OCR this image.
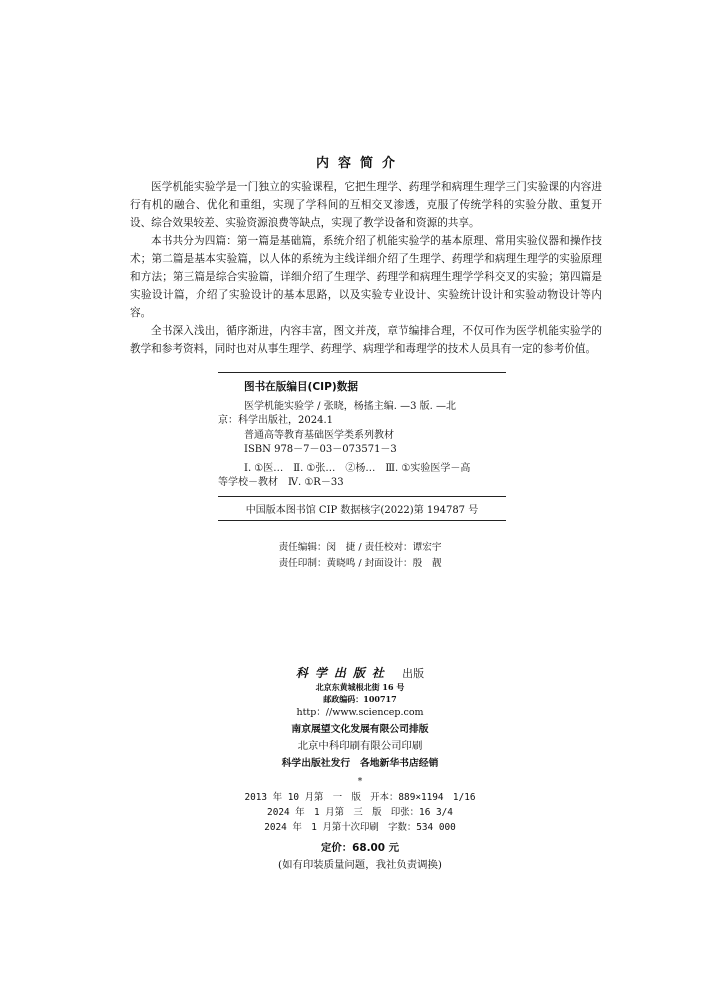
内容简介

医学机能实验学是一门独立的实验课程，它把生理学、药理学和病理生理学三门实验课的内容进行有机的融合、优化和重组，实现了学科间的互相交叉渗透，克服了传统学科的实验分散、重复开设、综合效果较差、实验资源浪费等缺点，实现了教学设备和资源的共享。

本书共分为四篇：第一篇是基础篇，系统介绍了机能实验学的基本原理、常用实验仪器和操作技术；第二篇是基本实验篇，以人体的系统为主线详细介绍了生理学、药理学和病理生理学的实验原理和方法；第三篇是综合实验篇，详细介绍了生理学、药理学和病理生理学学科交叉的实验；第四篇是实验设计篇，介绍了实验设计的基本思路，以及实验专业设计、实验统计设计和实验动物设计等内容。

全书深入浅出，循序渐进，内容丰富，图文并茂，章节编排合理，不仅可作为医学机能实验学的教学和参考资料，同时也对从事生理学、药理学、病理学和毒理学的技术人员具有一定的参考价值。

图书在版编目(CIP)数据
医学机能实验学 / 张晓，杨搖主编. —3 版. —北
京：科学出版社，2024.1
普通高等教育基础医学类系列教材
ISBN 978－7－03－073571－3
Ⅰ. ①医…　Ⅱ. ①张…　②杨…　Ⅲ. ①实验医学－高
等学校－教材　Ⅳ. ①R－33
中国版本图书馆 CIP 数据核字(2022)第 194787 号
责任编辑：闵　捷 / 责任校对：谭宏宇
责任印制：黄晓鸣 / 封面设计：殷　靓
科学出版社 出版
北京东黄城根北街 16 号
邮政编码：100717
http：//www.sciencep.com
南京展望文化发展有限公司排版
北京中科印刷有限公司印刷
科学出版社发行　各地新华书店经销
*
2013 年 10 月第　一　版　开本：889×1194　1/16
2024 年　1 月第　三　版　印张：16 3/4
2024 年　1 月第十次印刷　字数：534 000
定价：68.00 元
(如有印装质量问题，我社负责调换)
